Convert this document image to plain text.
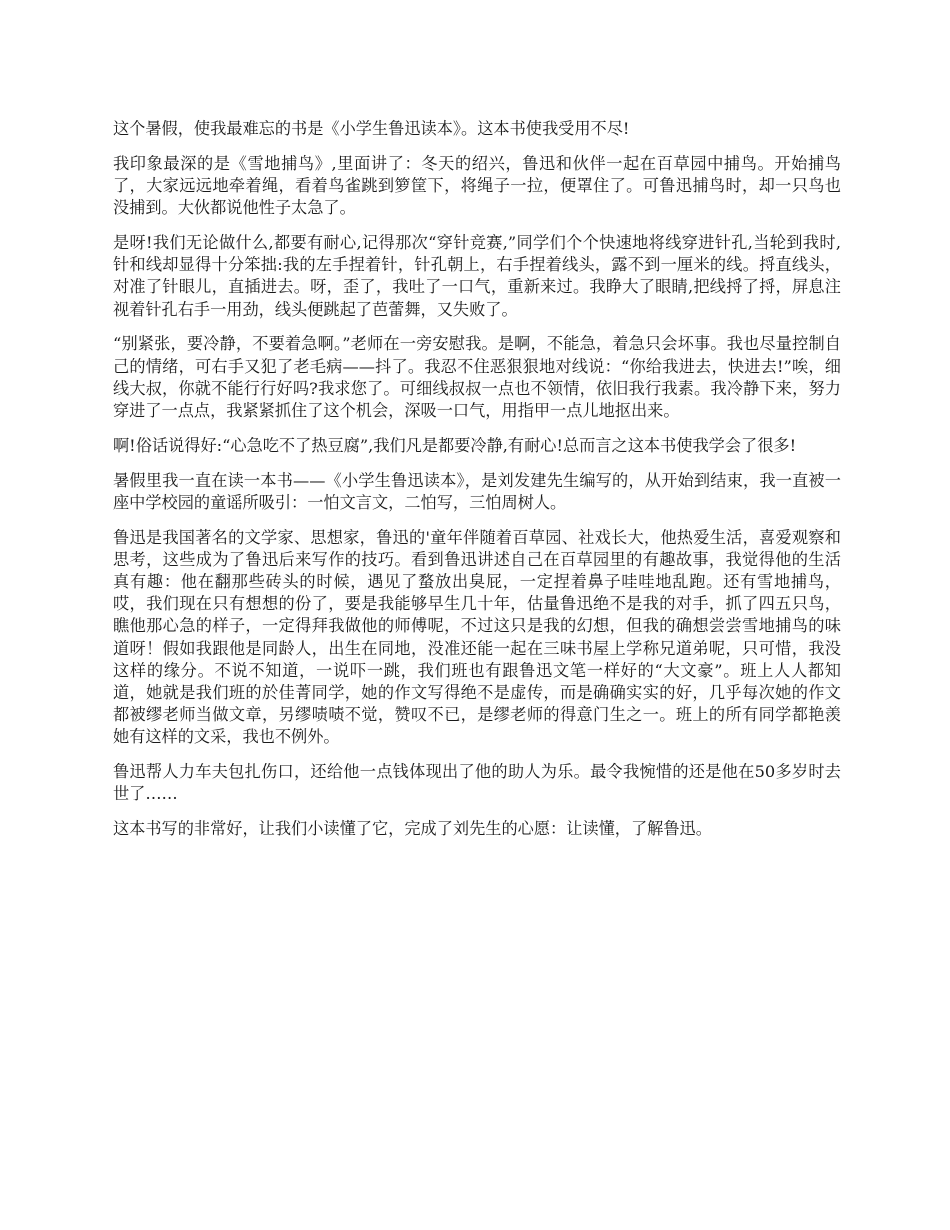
这个暑假，使我最难忘的书是《小学生鲁迅读本》。这本书使我受用不尽!

我印象最深的是《雪地捕鸟》,里面讲了：冬天的绍兴，鲁迅和伙伴一起在百草园中捕鸟。开始捕鸟了，大家远远地牵着绳，看着鸟雀跳到箩筐下，将绳子一拉，便罩住了。可鲁迅捕鸟时，却一只鸟也没捕到。大伙都说他性子太急了。

是呀!我们无论做什么,都要有耐心,记得那次“穿针竞赛,”同学们个个快速地将线穿进针孔,当轮到我时,针和线却显得十分笨拙:我的左手捏着针，针孔朝上，右手捏着线头，露不到一厘米的线。捋直线头，对准了针眼儿，直插进去。呀，歪了，我吐了一口气，重新来过。我睁大了眼睛,把线捋了捋，屏息注视着针孔右手一用劲，线头便跳起了芭蕾舞，又失败了。

“别紧张，要冷静，不要着急啊。”老师在一旁安慰我。是啊，不能急，着急只会坏事。我也尽量控制自己的情绪，可右手又犯了老毛病——抖了。我忍不住恶狠狠地对线说：“你给我进去，快进去!”唉，细线大叔，你就不能行行好吗?我求您了。可细线叔叔一点也不领情，依旧我行我素。我冷静下来，努力穿进了一点点，我紧紧抓住了这个机会，深吸一口气，用指甲一点儿地抠出来。

啊!俗话说得好:“心急吃不了热豆腐”,我们凡是都要冷静,有耐心!总而言之这本书使我学会了很多!

暑假里我一直在读一本书——《小学生鲁迅读本》，是刘发建先生编写的，从开始到结束，我一直被一座中学校园的童谣所吸引：一怕文言文，二怕写，三怕周树人。

鲁迅是我国著名的文学家、思想家，鲁迅的'童年伴随着百草园、社戏长大，他热爱生活，喜爱观察和思考，这些成为了鲁迅后来写作的技巧。看到鲁迅讲述自己在百草园里的有趣故事，我觉得他的生活真有趣：他在翻那些砖头的时候，遇见了蝥放出臭屁，一定捏着鼻子哇哇地乱跑。还有雪地捕鸟，哎，我们现在只有想想的份了，要是我能够早生几十年，估量鲁迅绝不是我的对手，抓了四五只鸟，瞧他那心急的样子，一定得拜我做他的师傅呢，不过这只是我的幻想，但我的确想尝尝雪地捕鸟的味道呀！假如我跟他是同龄人，出生在同地，没准还能一起在三味书屋上学称兄道弟呢，只可惜，我没这样的缘分。不说不知道，一说吓一跳，我们班也有跟鲁迅文笔一样好的“大文豪”。班上人人都知道，她就是我们班的於佳菁同学，她的作文写得绝不是虚传，而是确确实实的好，几乎每次她的作文都被缪老师当做文章，另缪啧啧不觉，赞叹不已，是缪老师的得意门生之一。班上的所有同学都艳羡她有这样的文采，我也不例外。

鲁迅帮人力车夫包扎伤口，还给他一点钱体现出了他的助人为乐。最令我惋惜的还是他在50多岁时去世了……

这本书写的非常好，让我们小读懂了它，完成了刘先生的心愿：让读懂，了解鲁迅。
